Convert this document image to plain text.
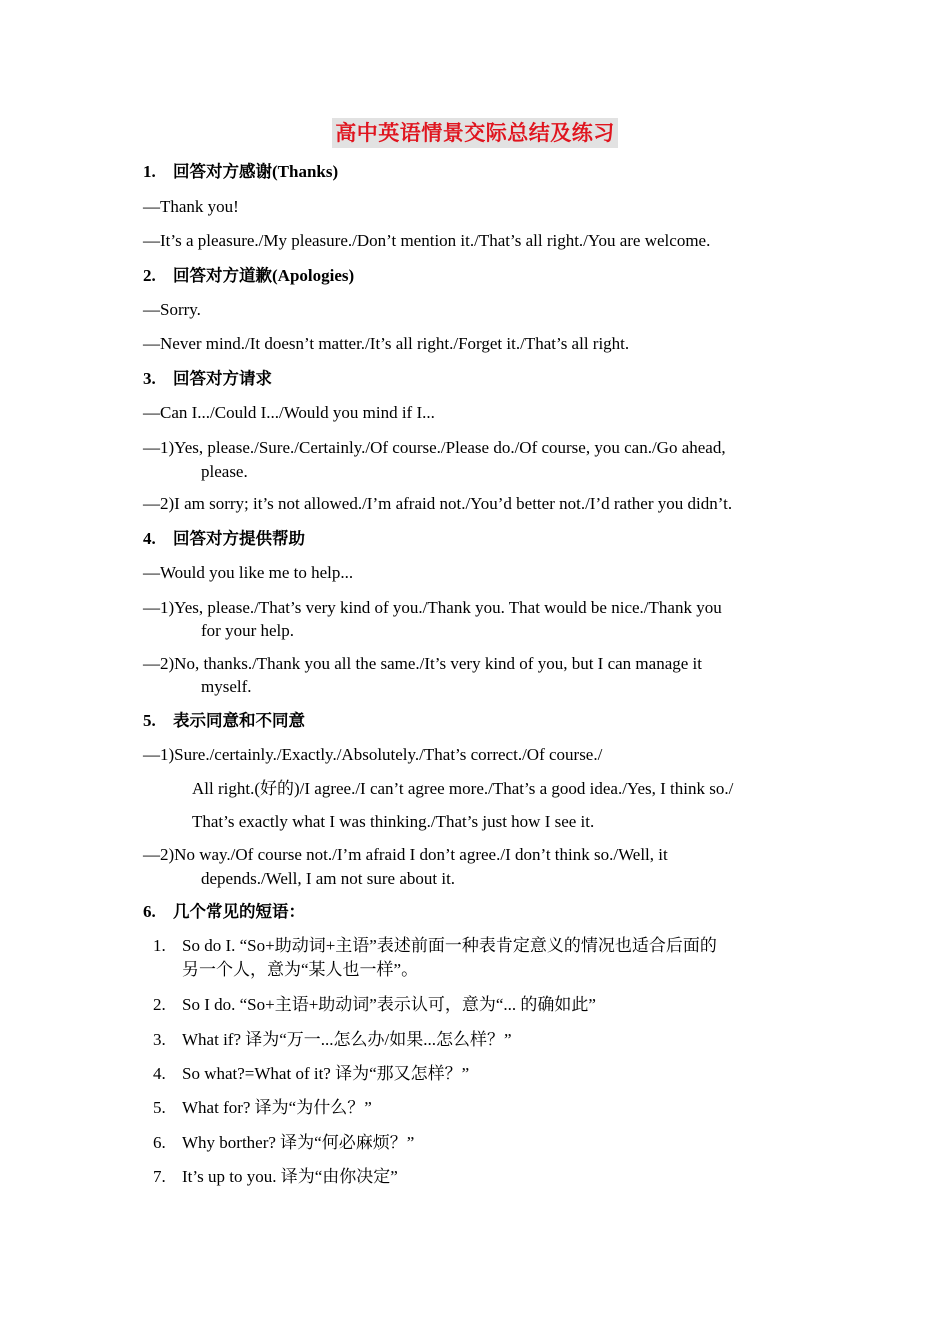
高中英语情景交际总结及练习
1. 回答对方感谢(Thanks)
—Thank you!
—It’s a pleasure./My pleasure./Don’t mention it./That’s all right./You are welcome.
2. 回答对方道歉(Apologies)
—Sorry.
—Never mind./It doesn’t matter./It’s all right./Forget it./That’s all right.
3. 回答对方请求
—Can I.../Could I.../Would you mind if I...
—1)Yes, please./Sure./Certainly./Of course./Please do./Of course, you can./Go ahead,
please.
—2)I am sorry; it’s not allowed./I’m afraid not./You’d better not./I’d rather you didn’t.
4. 回答对方提供帮助
—Would you like me to help...
—1)Yes, please./That’s very kind of you./Thank you. That would be nice./Thank you
for your help.
—2)No, thanks./Thank you all the same./It’s very kind of you, but I can manage it
myself.
5. 表示同意和不同意
—1)Sure./certainly./Exactly./Absolutely./That’s correct./Of course./
All right.(好的)/I agree./I can’t agree more./That’s a good idea./Yes, I think so./
That’s exactly what I was thinking./That’s just how I see it.
—2)No way./Of course not./I’m afraid I don’t agree./I don’t think so./Well, it
depends./Well, I am not sure about it.
6. 几个常见的短语：
1. So do I. “So+助动词+主语”表述前面一种表肯定意义的情况也适合后面的
另一个人，意为“某人也一样”。
2. So I do. “So+主语+助动词”表示认可，意为“... 的确如此”
3. What if? 译为“万一...怎么办/如果...怎么样？”
4. So what?=What of it? 译为“那又怎样？”
5. What for? 译为“为什么？”
6. Why borther? 译为“何必麻烦？”
7. It’s up to you. 译为“由你决定”
